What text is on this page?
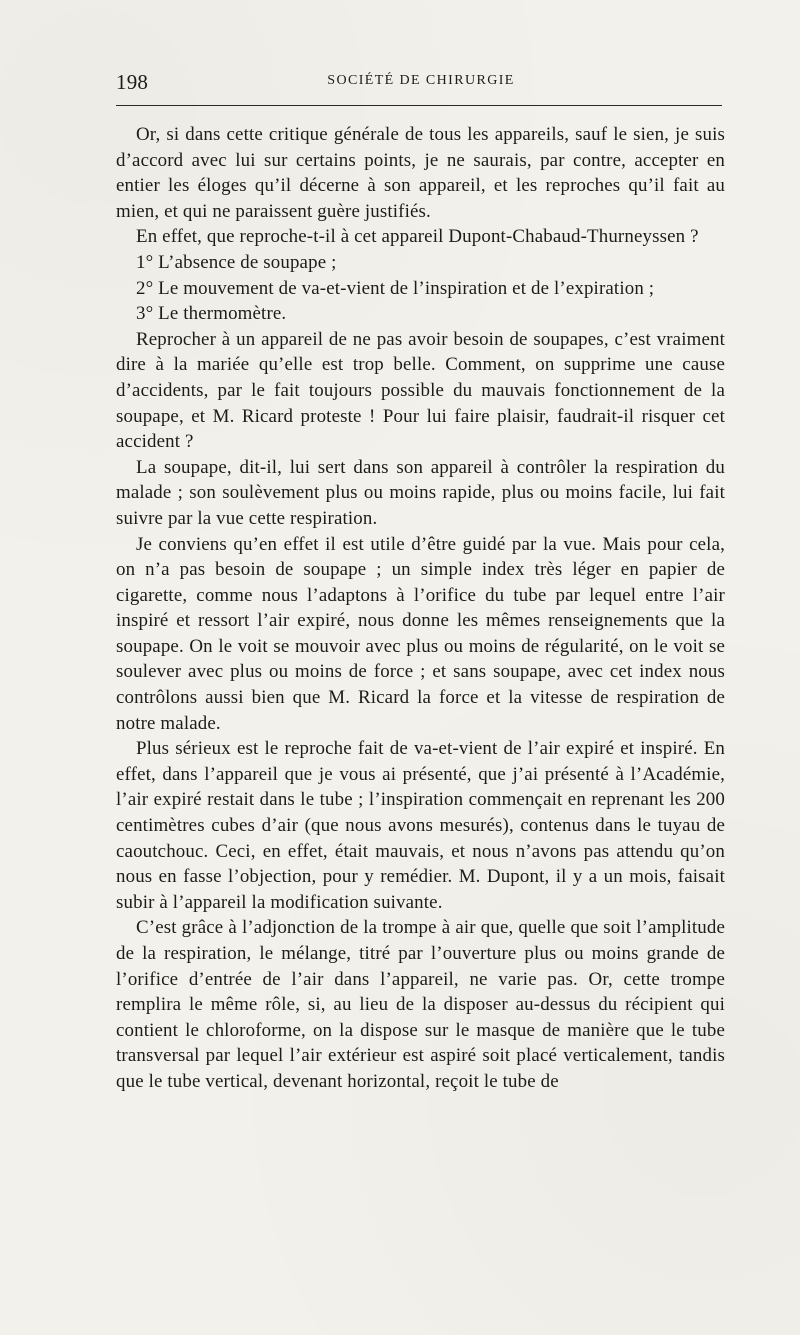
198	SOCIÉTÉ DE CHIRURGIE

Or, si dans cette critique générale de tous les appareils, sauf le sien, je suis d’accord avec lui sur certains points, je ne saurais, par contre, accepter en entier les éloges qu’il décerne à son appareil, et les reproches qu’il fait au mien, et qui ne paraissent guère justifiés.

En effet, que reproche-t-il à cet appareil Dupont-Chabaud-Thurneyssen ?

1° L’absence de soupape ;

2° Le mouvement de va-et-vient de l’inspiration et de l’expiration ;

3° Le thermomètre.

Reprocher à un appareil de ne pas avoir besoin de soupapes, c’est vraiment dire à la mariée qu’elle est trop belle. Comment, on supprime une cause d’accidents, par le fait toujours possible du mauvais fonctionnement de la soupape, et M. Ricard proteste ! Pour lui faire plaisir, faudrait-il risquer cet accident ?

La soupape, dit-il, lui sert dans son appareil à contrôler la respiration du malade ; son soulèvement plus ou moins rapide, plus ou moins facile, lui fait suivre par la vue cette respiration.

Je conviens qu’en effet il est utile d’être guidé par la vue. Mais pour cela, on n’a pas besoin de soupape ; un simple index très léger en papier de cigarette, comme nous l’adaptons à l’orifice du tube par lequel entre l’air inspiré et ressort l’air expiré, nous donne les mêmes renseignements que la soupape. On le voit se mouvoir avec plus ou moins de régularité, on le voit se soulever avec plus ou moins de force ; et sans soupape, avec cet index nous contrôlons aussi bien que M. Ricard la force et la vitesse de respiration de notre malade.

Plus sérieux est le reproche fait de va-et-vient de l’air expiré et inspiré. En effet, dans l’appareil que je vous ai présenté, que j’ai présenté à l’Académie, l’air expiré restait dans le tube ; l’inspiration commençait en reprenant les 200 centimètres cubes d’air (que nous avons mesurés), contenus dans le tuyau de caoutchouc. Ceci, en effet, était mauvais, et nous n’avons pas attendu qu’on nous en fasse l’objection, pour y remédier. M. Dupont, il y a un mois, faisait subir à l’appareil la modification suivante.

C’est grâce à l’adjonction de la trompe à air que, quelle que soit l’amplitude de la respiration, le mélange, titré par l’ouverture plus ou moins grande de l’orifice d’entrée de l’air dans l’appareil, ne varie pas. Or, cette trompe remplira le même rôle, si, au lieu de la disposer au-dessus du récipient qui contient le chloroforme, on la dispose sur le masque de manière que le tube transversal par lequel l’air extérieur est aspiré soit placé verticalement, tandis que le tube vertical, devenant horizontal, reçoit le tube de
